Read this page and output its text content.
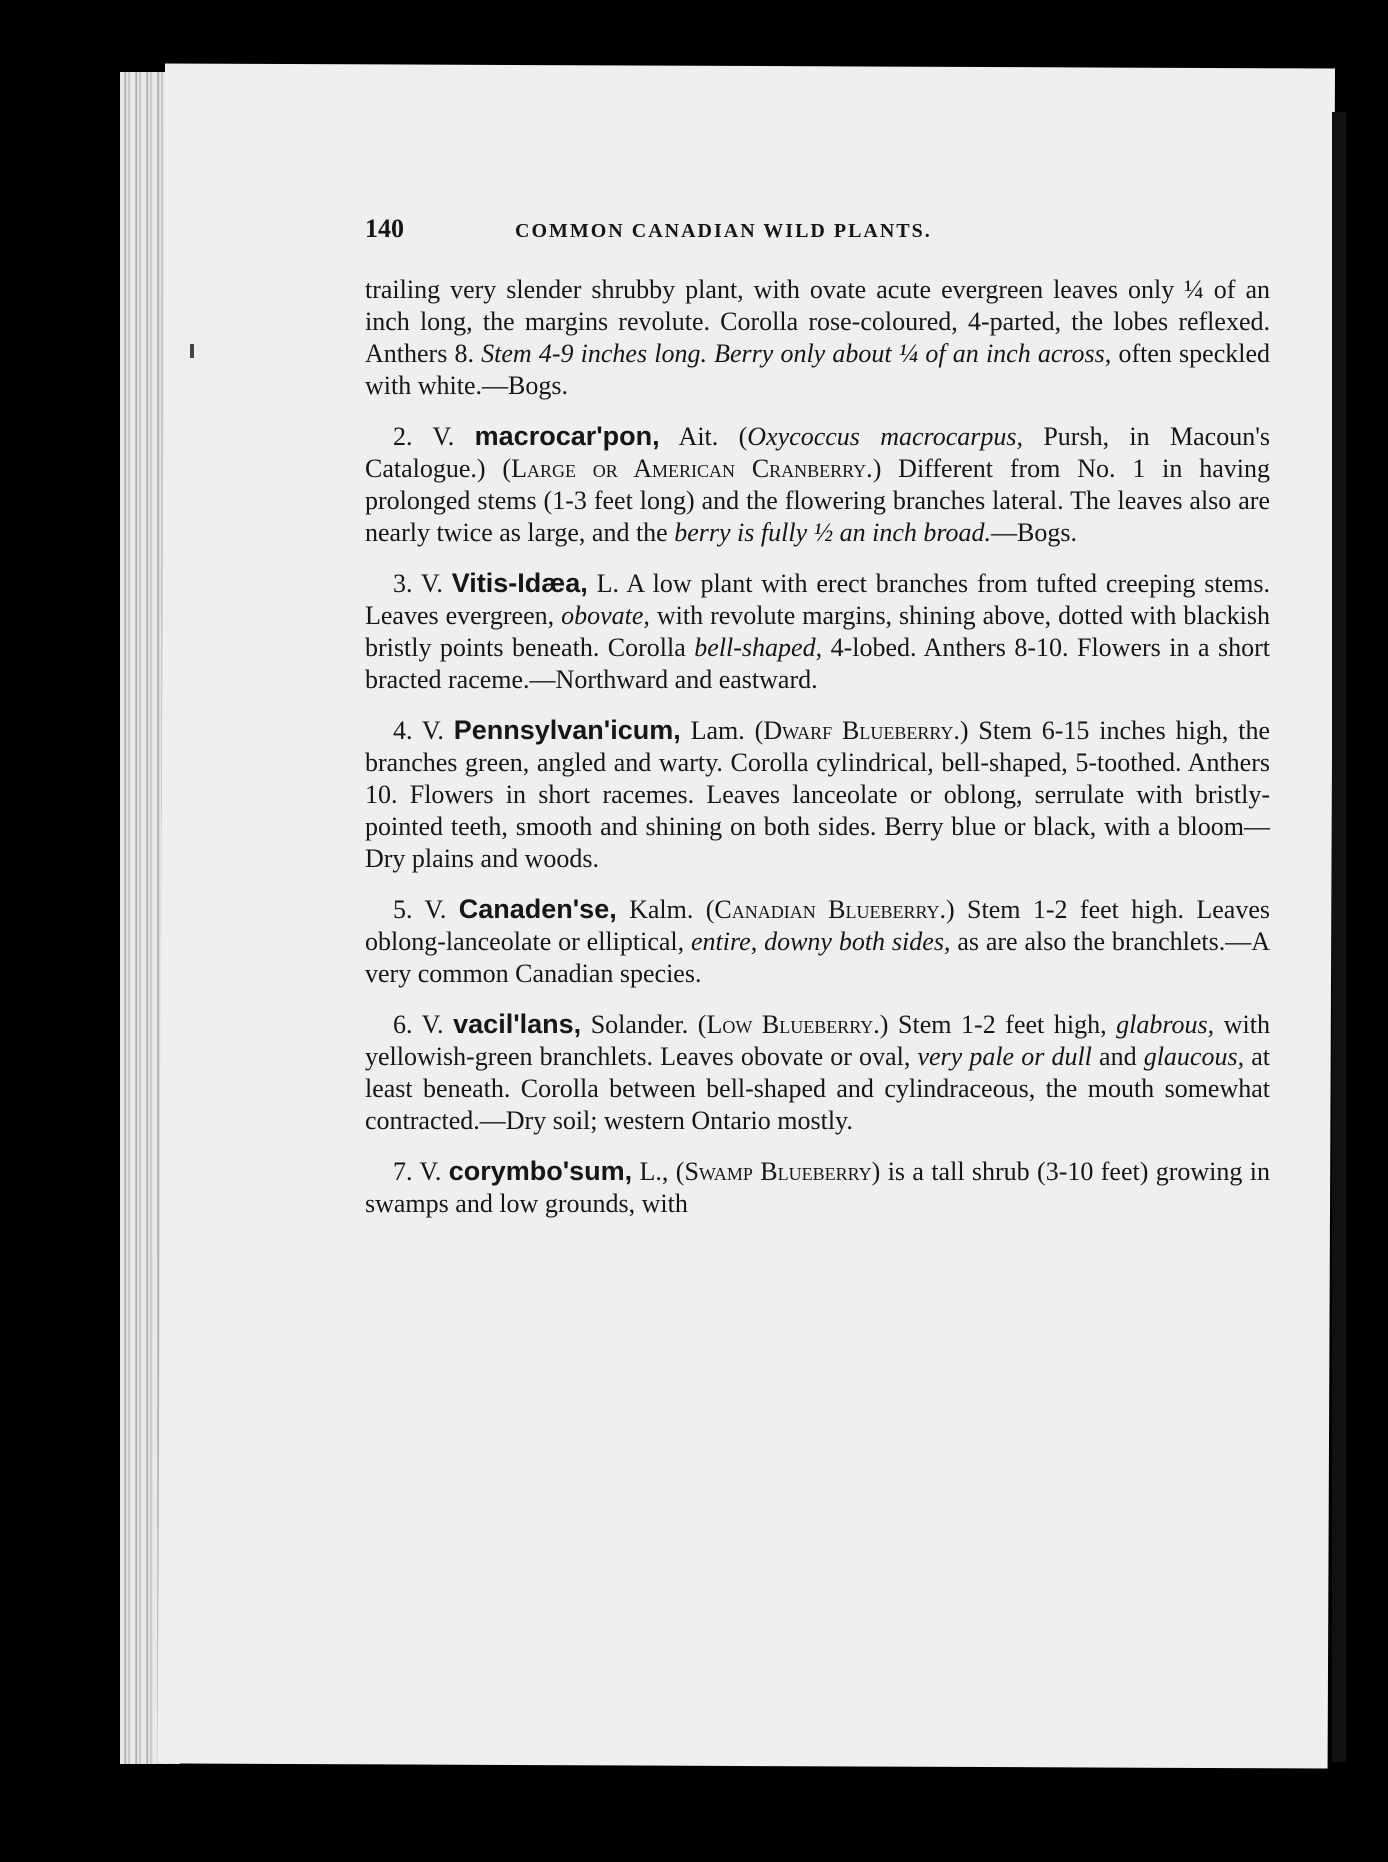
140	COMMON CANADIAN WILD PLANTS.

trailing very slender shrubby plant, with ovate acute evergreen leaves only ¼ of an inch long, the margins revolute. Corolla rose-coloured, 4-parted, the lobes reflexed. Anthers 8. Stem 4-9 inches long. Berry only about ¼ of an inch across, often speckled with white.—Bogs.

2. V. macrocar'pon, Ait. (Oxycoccus macrocarpus, Pursh, in Macoun's Catalogue.) (Large or American Cranberry.) Different from No. 1 in having prolonged stems (1-3 feet long) and the flowering branches lateral. The leaves also are nearly twice as large, and the berry is fully ½ an inch broad.—Bogs.

3. V. Vitis-Idæa, L. A low plant with erect branches from tufted creeping stems. Leaves evergreen, obovate, with revolute margins, shining above, dotted with blackish bristly points beneath. Corolla bell-shaped, 4-lobed. Anthers 8-10. Flowers in a short bracted raceme.—Northward and eastward.

4. V. Pennsylvan'icum, Lam. (Dwarf Blueberry.) Stem 6-15 inches high, the branches green, angled and warty. Corolla cylindrical, bell-shaped, 5-toothed. Anthers 10. Flowers in short racemes. Leaves lanceolate or oblong, serrulate with bristly-pointed teeth, smooth and shining on both sides. Berry blue or black, with a bloom—Dry plains and woods.

5. V. Canaden'se, Kalm. (Canadian Blueberry.) Stem 1-2 feet high. Leaves oblong-lanceolate or elliptical, entire, downy both sides, as are also the branchlets.—A very common Canadian species.

6. V. vacil'lans, Solander. (Low Blueberry.) Stem 1-2 feet high, glabrous, with yellowish-green branchlets. Leaves obovate or oval, very pale or dull and glaucous, at least beneath. Corolla between bell-shaped and cylindraceous, the mouth somewhat contracted.—Dry soil; western Ontario mostly.

7. V. corymbo'sum, L., (Swamp Blueberry) is a tall shrub (3-10 feet) growing in swamps and low grounds, with
